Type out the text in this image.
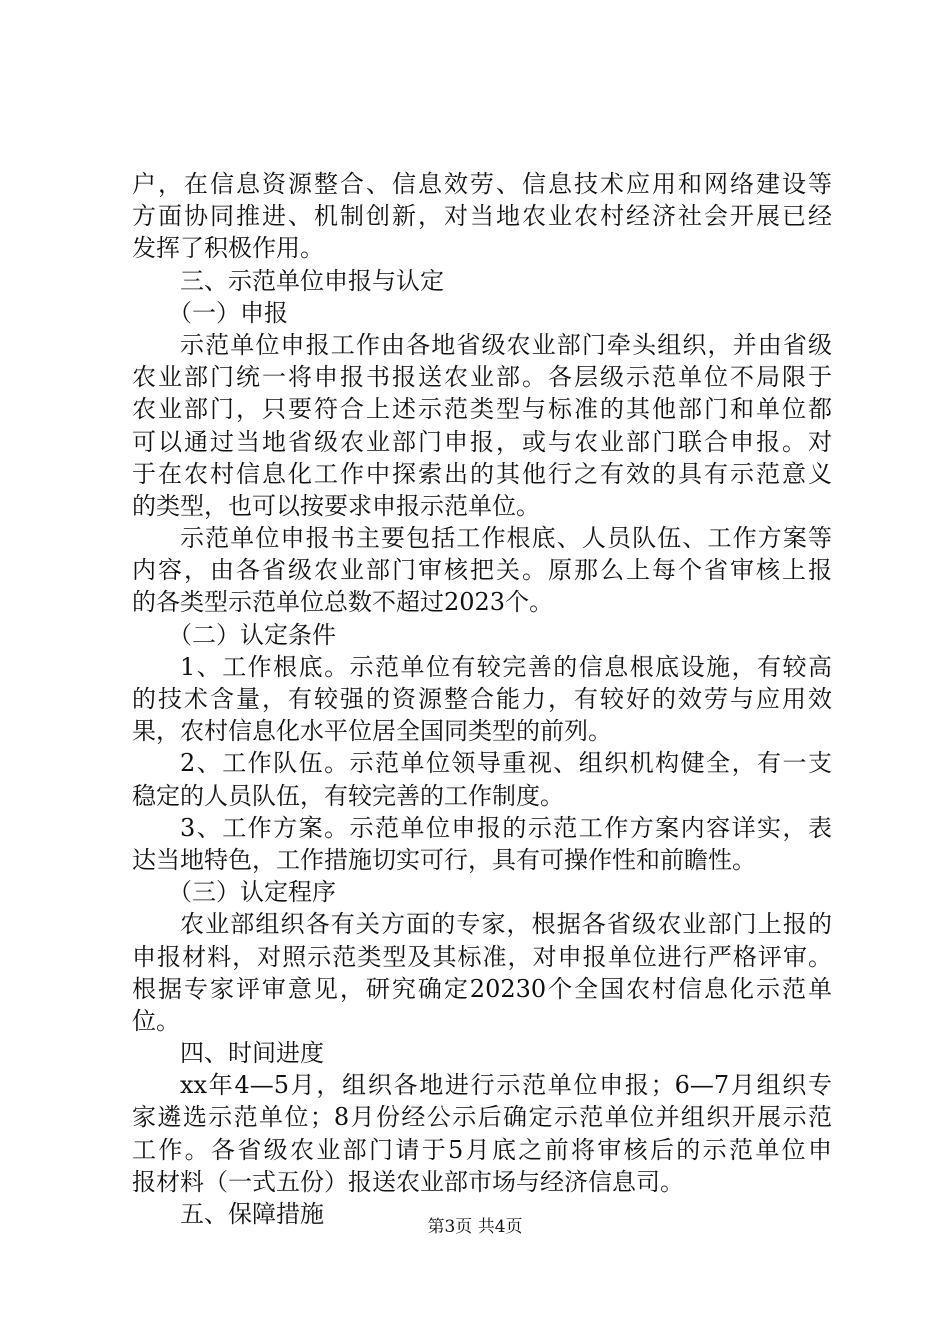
户，在信息资源整合、信息效劳、信息技术应用和网络建设等
方面协同推进、机制创新，对当地农业农村经济社会开展已经
发挥了积极作用。
三、示范单位申报与认定
（一）申报
示范单位申报工作由各地省级农业部门牵头组织，并由省级
农业部门统一将申报书报送农业部。各层级示范单位不局限于
农业部门，只要符合上述示范类型与标准的其他部门和单位都
可以通过当地省级农业部门申报，或与农业部门联合申报。对
于在农村信息化工作中探索出的其他行之有效的具有示范意义
的类型，也可以按要求申报示范单位。
示范单位申报书主要包括工作根底、人员队伍、工作方案等
内容，由各省级农业部门审核把关。原那么上每个省审核上报
的各类型示范单位总数不超过2023个。
（二）认定条件
1、工作根底。示范单位有较完善的信息根底设施，有较高
的技术含量，有较强的资源整合能力，有较好的效劳与应用效
果，农村信息化水平位居全国同类型的前列。
2、工作队伍。示范单位领导重视、组织机构健全，有一支
稳定的人员队伍，有较完善的工作制度。
3、工作方案。示范单位申报的示范工作方案内容详实，表
达当地特色，工作措施切实可行，具有可操作性和前瞻性。
（三）认定程序
农业部组织各有关方面的专家，根据各省级农业部门上报的
申报材料，对照示范类型及其标准，对申报单位进行严格评审。
根据专家评审意见，研究确定20230个全国农村信息化示范单
位。
四、时间进度
xx年4—5月，组织各地进行示范单位申报；6—7月组织专
家遴选示范单位；8月份经公示后确定示范单位并组织开展示范
工作。各省级农业部门请于5月底之前将审核后的示范单位申
报材料（一式五份）报送农业部市场与经济信息司。
五、保障措施	第3页 共4页
